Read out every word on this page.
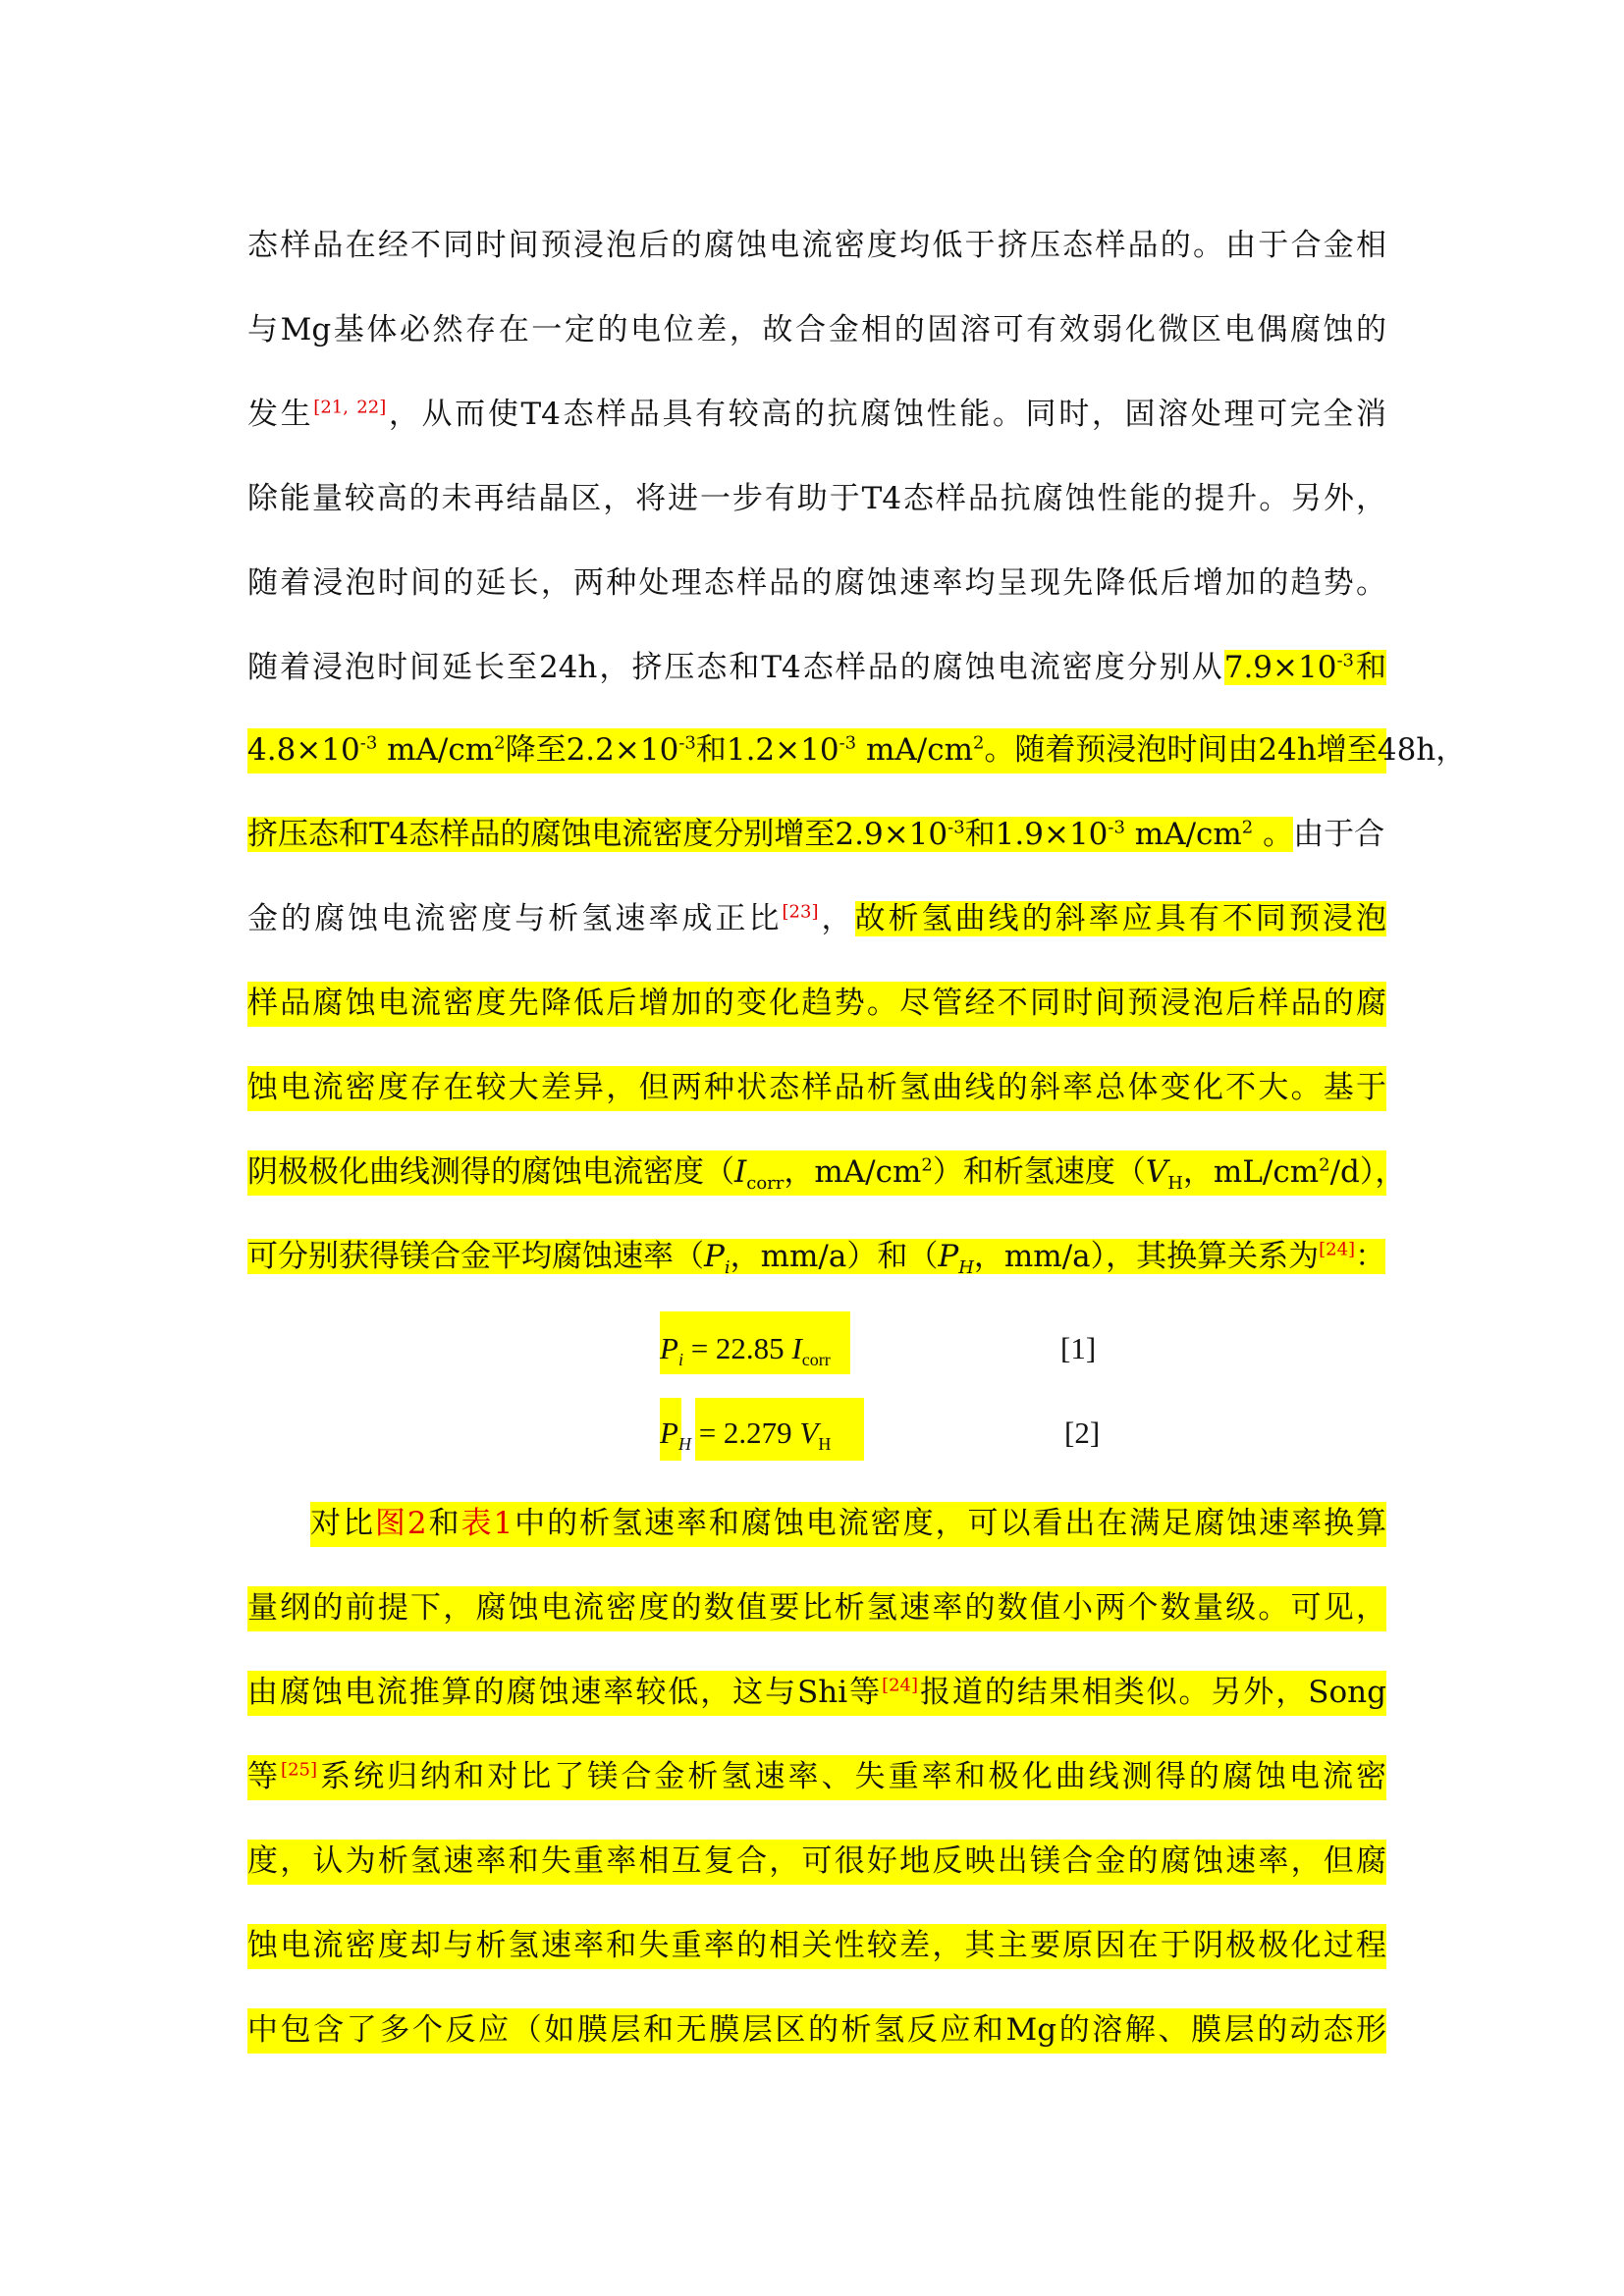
态样品在经不同时间预浸泡后的腐蚀电流密度均低于挤压态样品的。由于合金相
与Mg基体必然存在一定的电位差，故合金相的固溶可有效弱化微区电偶腐蚀的
发生[21, 22]，从而使T4态样品具有较高的抗腐蚀性能。同时，固溶处理可完全消
除能量较高的未再结晶区，将进一步有助于T4态样品抗腐蚀性能的提升。另外，
随着浸泡时间的延长，两种处理态样品的腐蚀速率均呈现先降低后增加的趋势。
随着浸泡时间延长至24h，挤压态和T4态样品的腐蚀电流密度分别从$7.9\times 10^{-3}$和
$4.8\times 10^{-3}$ $mA/cm^2$降至$2.2\times 10^{-3}$和$1.2\times 10^{-3}$ $mA/cm^2$。随着预浸泡时间由24h增至48h，
挤压态和T4态样品的腐蚀电流密度分别增至$2.9\times 10^{-3}$和$1.9\times 10^{-3}$ $mA/cm^2$ 。由于合
金的腐蚀电流密度与析氢速率成正比[23]，故析氢曲线的斜率应具有不同预浸泡
样品腐蚀电流密度先降低后增加的变化趋势。尽管经不同时间预浸泡后样品的腐
蚀电流密度存在较大差异，但两种状态样品析氢曲线的斜率总体变化不大。基于
阴极极化曲线测得的腐蚀电流密度（$I_{corr}$，$mA/cm^2$）和析氢速度（$V_H$，$mL/cm^2/d$），
可分别获得镁合金平均腐蚀速率（$P_i$，mm/a）和（$P_H$，mm/a），其换算关系为[24]：
$P_i = 22.85$ $I_{corr}$	[1]
$P_H = 2.279$ $V_H$	[2]
对比图2和表1中的析氢速率和腐蚀电流密度，可以看出在满足腐蚀速率换算
量纲的前提下，腐蚀电流密度的数值要比析氢速率的数值小两个数量级。可见，
由腐蚀电流推算的腐蚀速率较低，这与Shi等[24]报道的结果相类似。另外，Song
等[25]系统归纳和对比了镁合金析氢速率、失重率和极化曲线测得的腐蚀电流密
度，认为析氢速率和失重率相互复合，可很好地反映出镁合金的腐蚀速率，但腐
蚀电流密度却与析氢速率和失重率的相关性较差，其主要原因在于阴极极化过程
中包含了多个反应（如膜层和无膜层区的析氢反应和Mg的溶解、膜层的动态形
